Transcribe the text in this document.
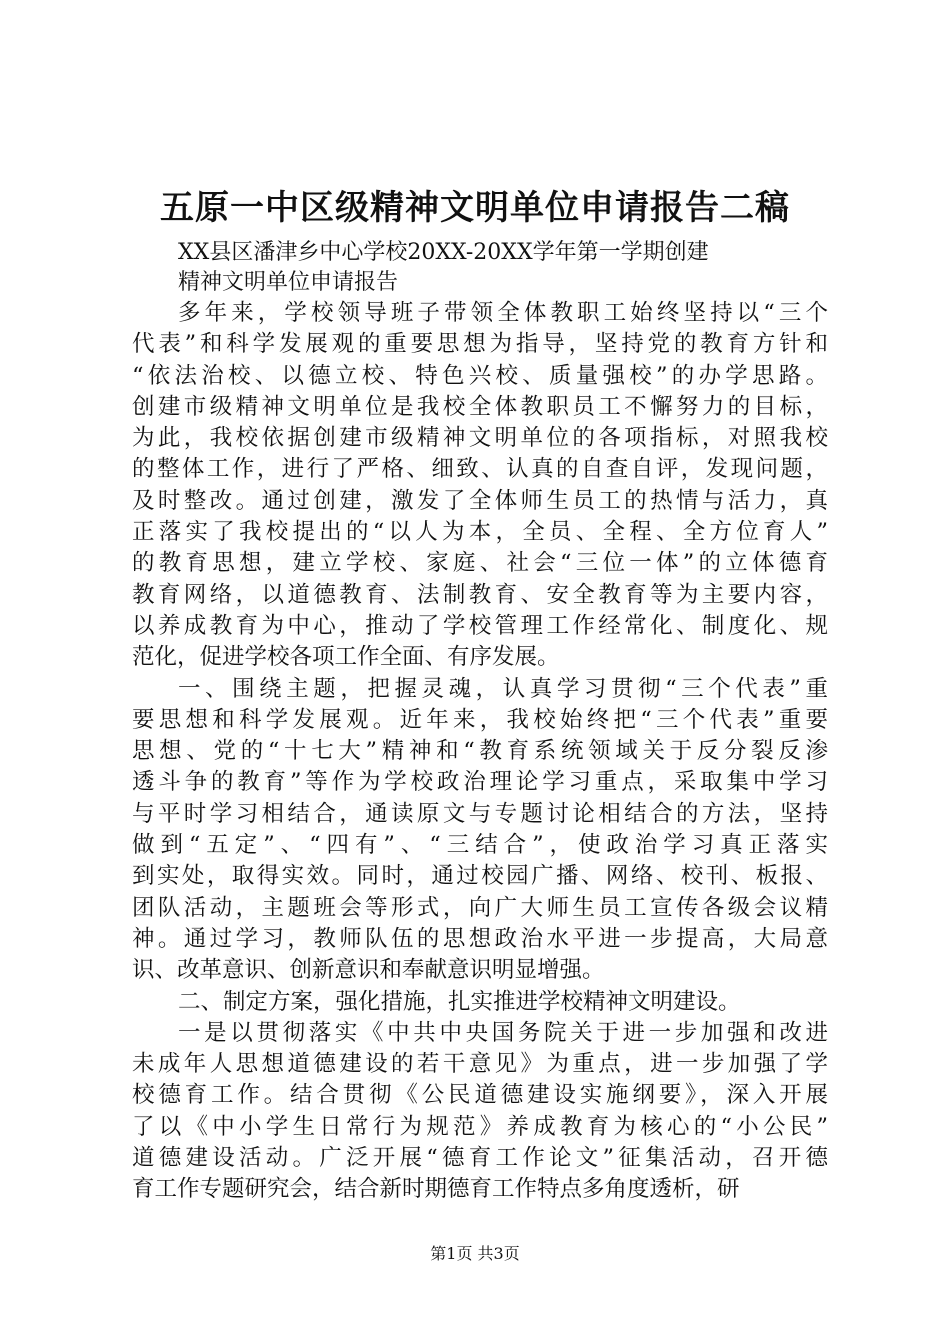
五原一中区级精神文明单位申请报告二稿
XX县区潘津乡中心学校20XX-20XX学年第一学期创建
精神文明单位申请报告
多年来，学校领导班子带领全体教职工始终坚持以“三个
代表”和科学发展观的重要思想为指导，坚持党的教育方针和
“依法治校、以德立校、特色兴校、质量强校”的办学思路。
创建市级精神文明单位是我校全体教职员工不懈努力的目标，
为此，我校依据创建市级精神文明单位的各项指标，对照我校
的整体工作，进行了严格、细致、认真的自查自评，发现问题，
及时整改。通过创建，激发了全体师生员工的热情与活力，真
正落实了我校提出的“以人为本，全员、全程、全方位育人”
的教育思想，建立学校、家庭、社会“三位一体”的立体德育
教育网络，以道德教育、法制教育、安全教育等为主要内容，
以养成教育为中心，推动了学校管理工作经常化、制度化、规
范化，促进学校各项工作全面、有序发展。
一、围绕主题，把握灵魂，认真学习贯彻“三个代表”重
要思想和科学发展观。近年来，我校始终把“三个代表”重要
思想、党的“十七大”精神和“教育系统领域关于反分裂反渗
透斗争的教育”等作为学校政治理论学习重点，采取集中学习
与平时学习相结合，通读原文与专题讨论相结合的方法，坚持
做到“五定”、“四有”、“三结合”，使政治学习真正落实
到实处，取得实效。同时，通过校园广播、网络、校刊、板报、
团队活动，主题班会等形式，向广大师生员工宣传各级会议精
神。通过学习，教师队伍的思想政治水平进一步提高，大局意
识、改革意识、创新意识和奉献意识明显增强。
二、制定方案，强化措施，扎实推进学校精神文明建设。
一是以贯彻落实《中共中央国务院关于进一步加强和改进
未成年人思想道德建设的若干意见》为重点，进一步加强了学
校德育工作。结合贯彻《公民道德建设实施纲要》，深入开展
了以《中小学生日常行为规范》养成教育为核心的“小公民”
道德建设活动。广泛开展“德育工作论文”征集活动，召开德
育工作专题研究会，结合新时期德育工作特点多角度透析，研
第1页 共3页
